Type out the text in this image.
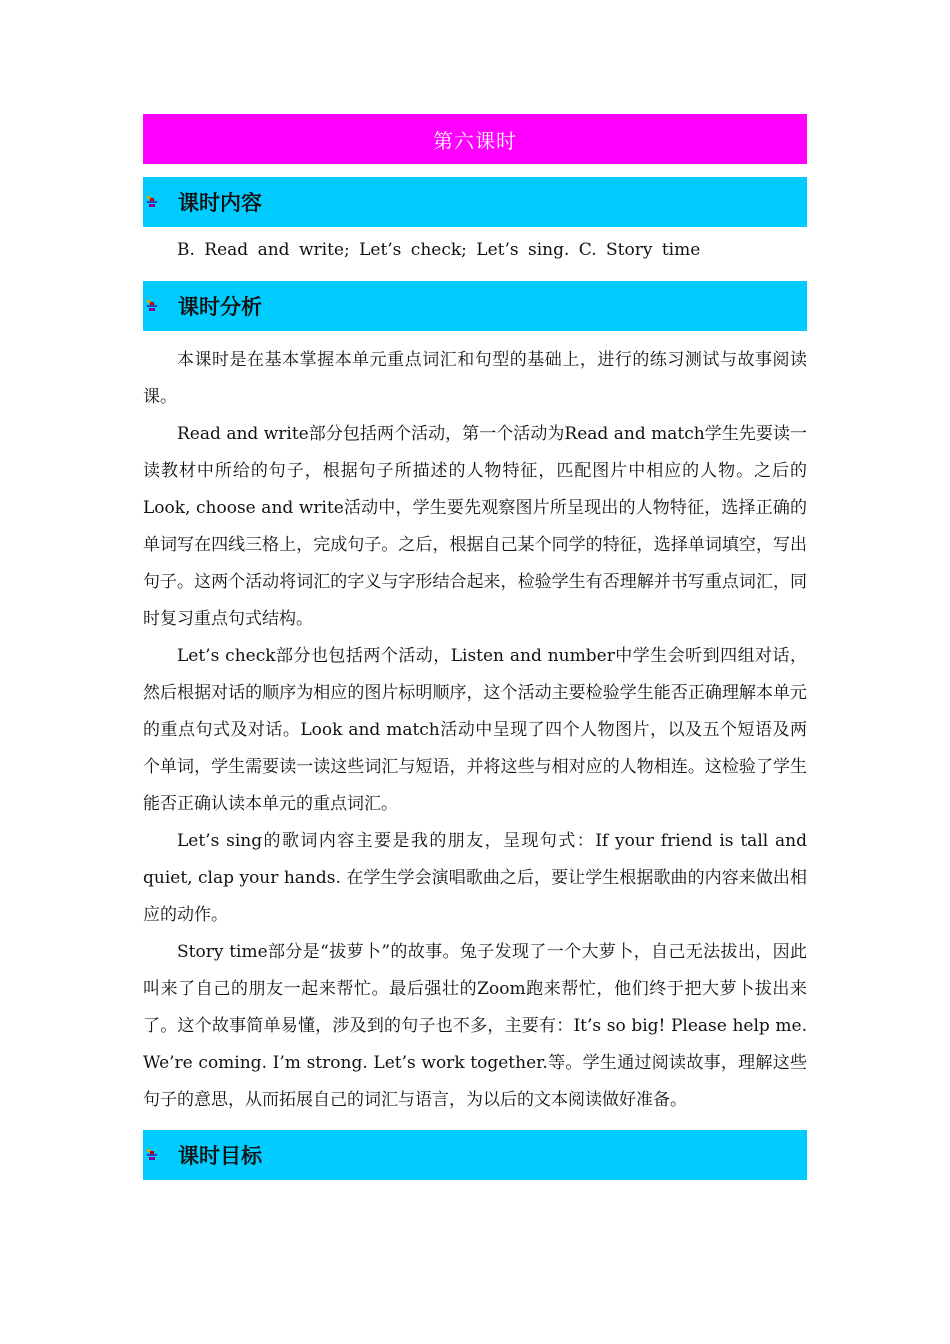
第六课时
课时内容

B. Read and write; Let’s check; Let’s sing. C. Story time

课时分析

本课时是在基本掌握本单元重点词汇和句型的基础上，进行的练习测试与故事阅读课。

Read and write部分包括两个活动，第一个活动为Read and match学生先要读一读教材中所给的句子，根据句子所描述的人物特征，匹配图片中相应的人物。之后的Look, choose and write活动中，学生要先观察图片所呈现出的人物特征，选择正确的单词写在四线三格上，完成句子。之后，根据自己某个同学的特征，选择单词填空，写出句子。这两个活动将词汇的字义与字形结合起来，检验学生有否理解并书写重点词汇，同时复习重点句式结构。

Let’s check部分也包括两个活动，Listen and number中学生会听到四组对话，然后根据对话的顺序为相应的图片标明顺序，这个活动主要检验学生能否正确理解本单元的重点句式及对话。Look and match活动中呈现了四个人物图片，以及五个短语及两个单词，学生需要读一读这些词汇与短语，并将这些与相对应的人物相连。这检验了学生能否正确认读本单元的重点词汇。

Let’s sing的歌词内容主要是我的朋友，呈现句式：If your friend is tall and quiet, clap your hands. 在学生学会演唱歌曲之后，要让学生根据歌曲的内容来做出相应的动作。

Story time部分是“拔萝卜”的故事。兔子发现了一个大萝卜，自己无法拔出，因此叫来了自己的朋友一起来帮忙。最后强壮的Zoom跑来帮忙，他们终于把大萝卜拔出来了。这个故事简单易懂，涉及到的句子也不多，主要有：It’s so big! Please help me. We’re coming. I’m strong. Let’s work together.等。学生通过阅读故事，理解这些句子的意思，从而拓展自己的词汇与语言，为以后的文本阅读做好准备。

课时目标
